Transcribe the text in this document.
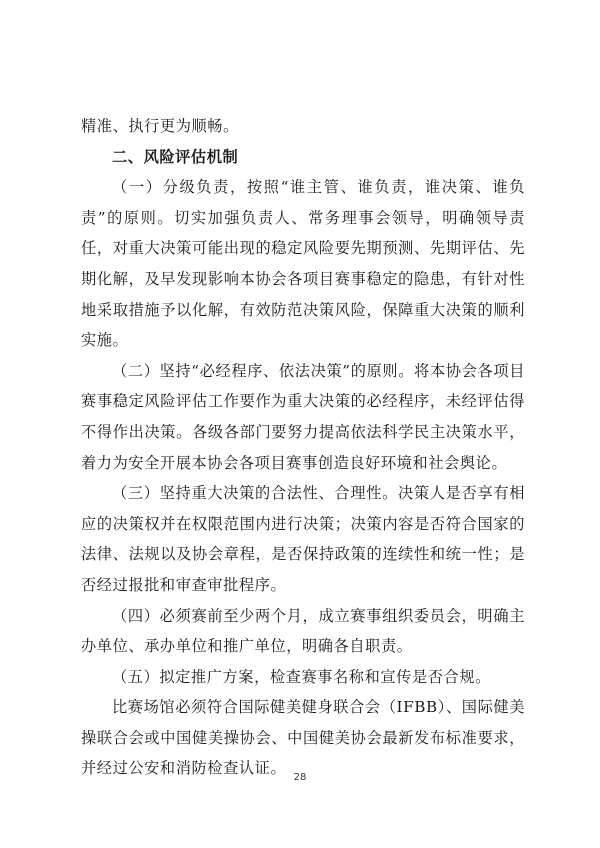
精准、执行更为顺畅。

二、风险评估机制

（一）分级负责，按照“谁主管、谁负责，谁决策、谁负责”的原则。切实加强负责人、常务理事会领导，明确领导责任，对重大决策可能出现的稳定风险要先期预测、先期评估、先期化解，及早发现影响本协会各项目赛事稳定的隐患，有针对性地采取措施予以化解，有效防范决策风险，保障重大决策的顺利实施。

（二）坚持“必经程序、依法决策”的原则。将本协会各项目赛事稳定风险评估工作要作为重大决策的必经程序，未经评估得不得作出决策。各级各部门要努力提高依法科学民主决策水平，着力为安全开展本协会各项目赛事创造良好环境和社会舆论。

（三）坚持重大决策的合法性、合理性。决策人是否享有相应的决策权并在权限范围内进行决策；决策内容是否符合国家的法律、法规以及协会章程，是否保持政策的连续性和统一性；是否经过报批和审查审批程序。

（四）必须赛前至少两个月，成立赛事组织委员会，明确主办单位、承办单位和推广单位，明确各自职责。

（五）拟定推广方案，检查赛事名称和宣传是否合规。

比赛场馆必须符合国际健美健身联合会（IFBB）、国际健美操联合会或中国健美操协会、中国健美协会最新发布标准要求，并经过公安和消防检查认证。

28
